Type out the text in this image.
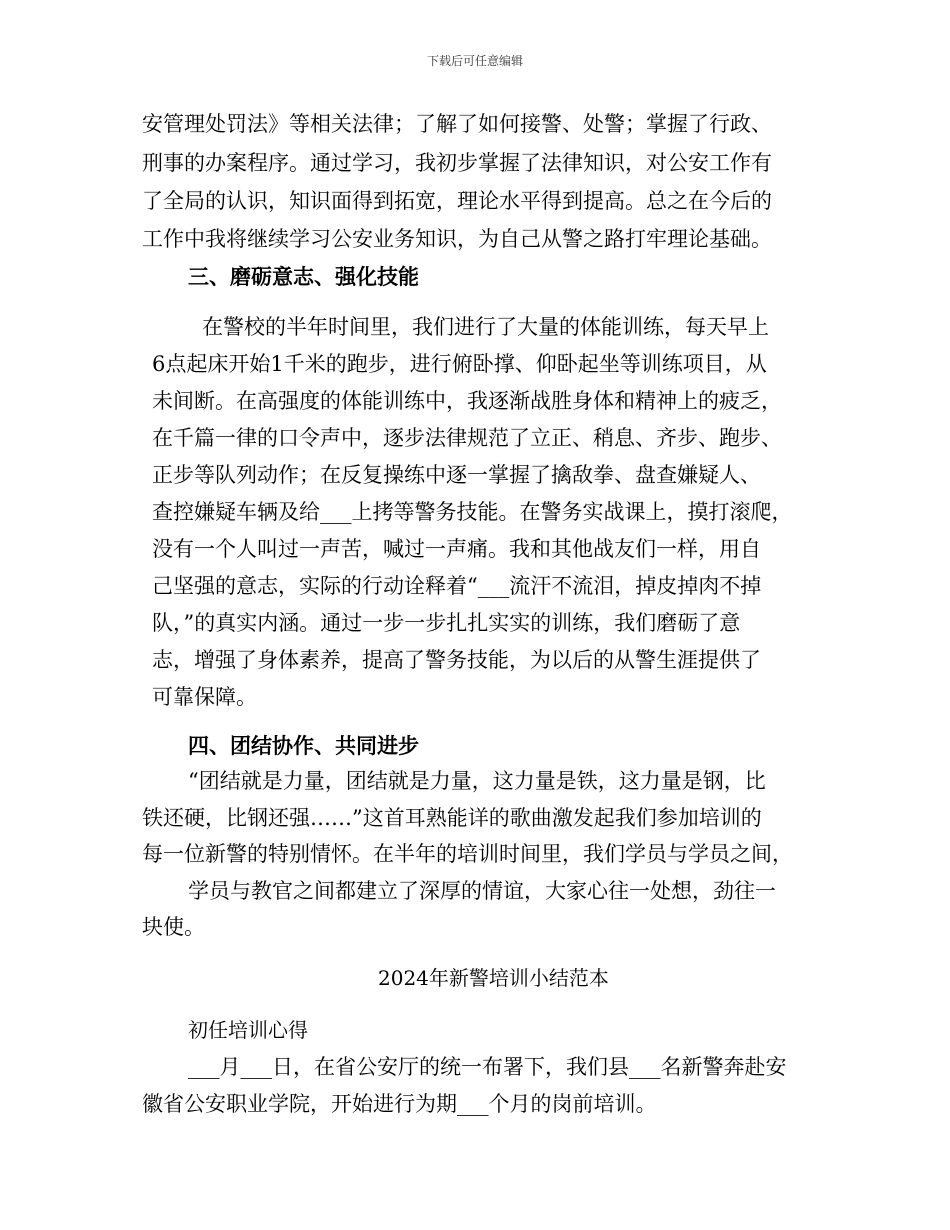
下载后可任意编辑
安管理处罚法》等相关法律；了解了如何接警、处警；掌握了行政、
刑事的办案程序。通过学习，我初步掌握了法律知识，对公安工作有
了全局的认识，知识面得到拓宽，理论水平得到提高。总之在今后的
工作中我将继续学习公安业务知识，为自己从警之路打牢理论基础。
三、磨砺意志、强化技能
在警校的半年时间里，我们进行了大量的体能训练，每天早上
6点起床开始1千米的跑步，进行俯卧撑、仰卧起坐等训练项目，从
未间断。在高强度的体能训练中，我逐渐战胜身体和精神上的疲乏，
在千篇一律的口令声中，逐步法律规范了立正、稍息、齐步、跑步、
正步等队列动作；在反复操练中逐一掌握了擒敌拳、盘查嫌疑人、
查控嫌疑车辆及给___上拷等警务技能。在警务实战课上，摸打滚爬，
没有一个人叫过一声苦，喊过一声痛。我和其他战友们一样，用自
己坚强的意志，实际的行动诠释着“___流汗不流泪，掉皮掉肉不掉
队，”的真实内涵。通过一步一步扎扎实实的训练，我们磨砺了意
志，增强了身体素养，提高了警务技能，为以后的从警生涯提供了
可靠保障。
四、团结协作、共同进步
“团结就是力量，团结就是力量，这力量是铁，这力量是钢，比
铁还硬，比钢还强……”这首耳熟能详的歌曲激发起我们参加培训的
每一位新警的特别情怀。在半年的培训时间里，我们学员与学员之间，
学员与教官之间都建立了深厚的情谊，大家心往一处想，劲往一
块使。
2024年新警培训小结范本
初任培训心得
___月___日，在省公安厅的统一布署下，我们县___名新警奔赴安
徽省公安职业学院，开始进行为期___个月的岗前培训。
